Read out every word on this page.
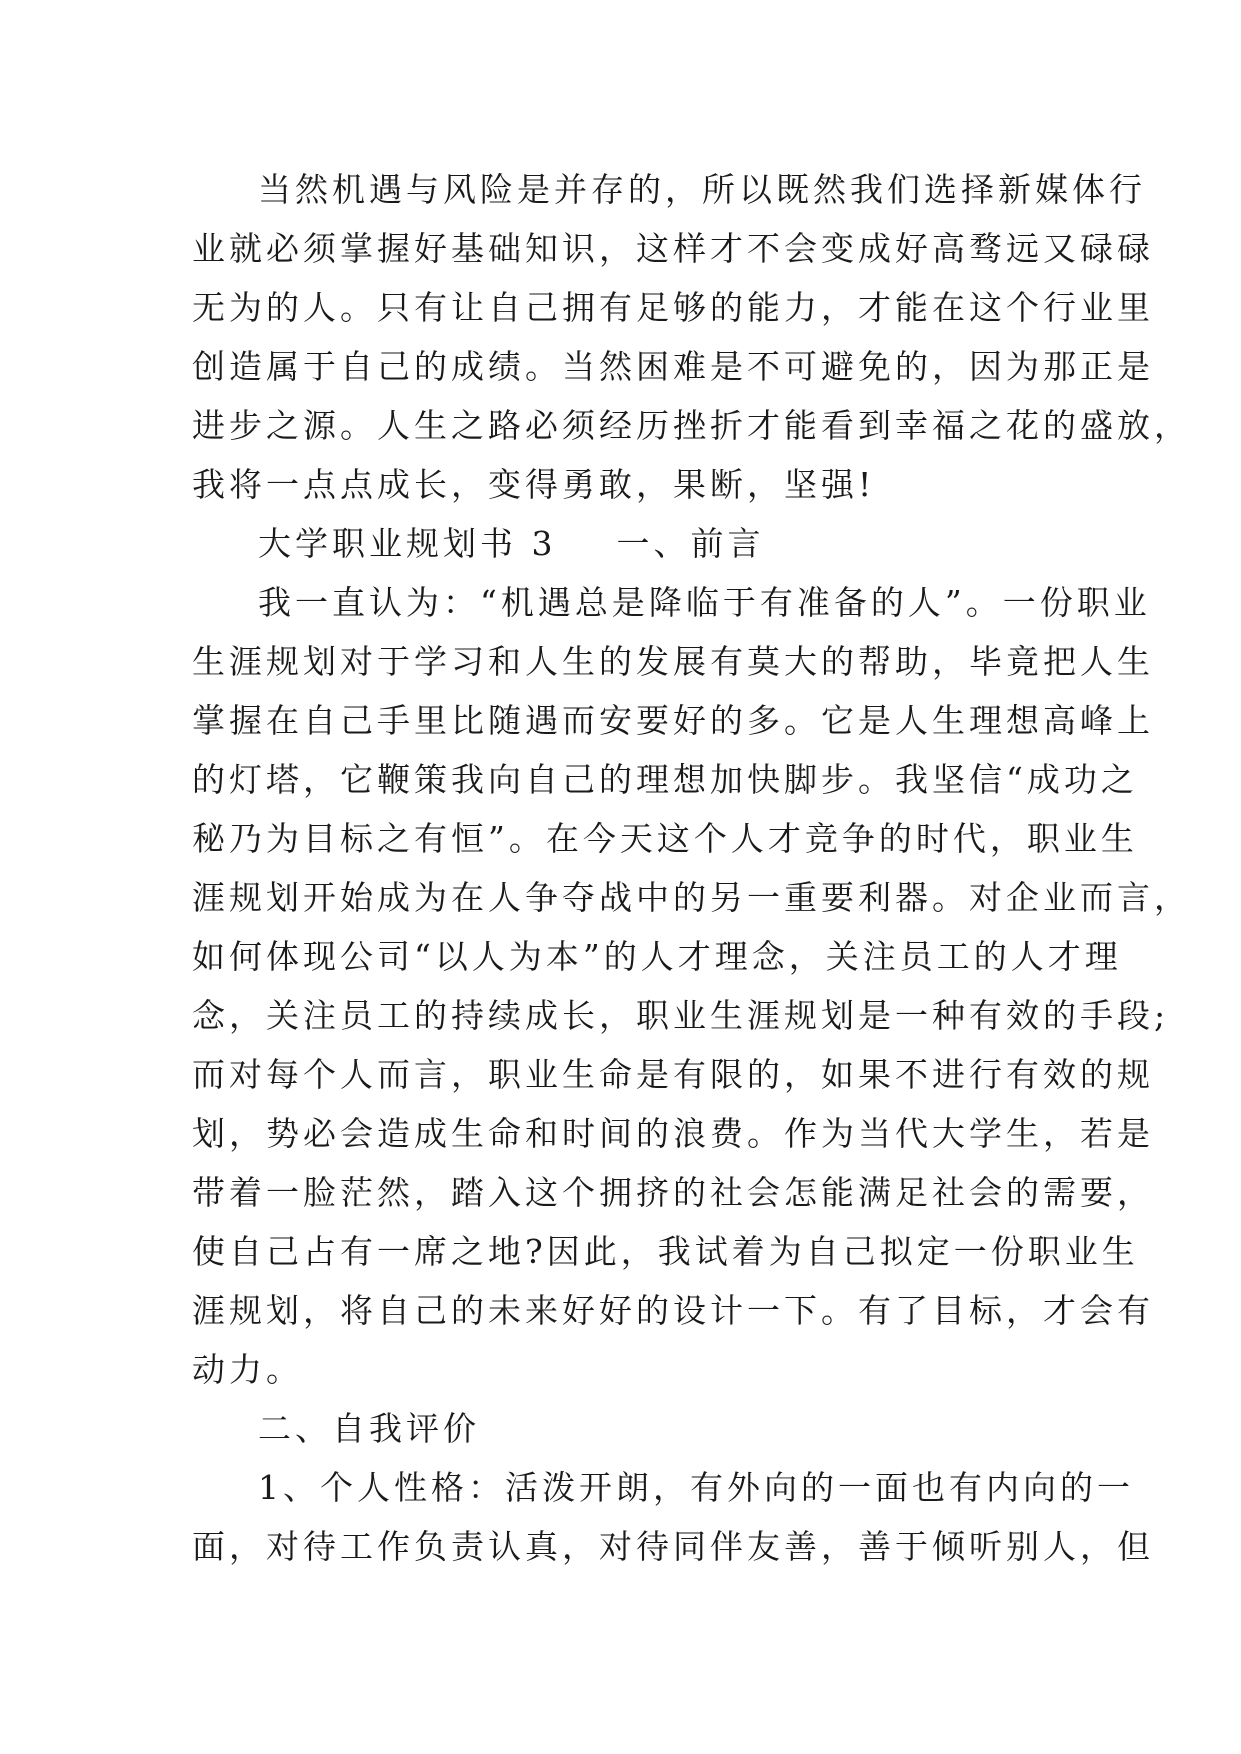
当然机遇与风险是并存的，所以既然我们选择新媒体行
业就必须掌握好基础知识，这样才不会变成好高骛远又碌碌
无为的人。只有让自己拥有足够的能力，才能在这个行业里
创造属于自己的成绩。当然困难是不可避免的，因为那正是
进步之源。人生之路必须经历挫折才能看到幸福之花的盛放，
我将一点点成长，变得勇敢，果断，坚强!

大学职业规划书 3 一、前言

我一直认为：“机遇总是降临于有准备的人”。一份职业
生涯规划对于学习和人生的发展有莫大的帮助，毕竟把人生
掌握在自己手里比随遇而安要好的多。它是人生理想高峰上
的灯塔，它鞭策我向自己的理想加快脚步。我坚信“成功之
秘乃为目标之有恒”。在今天这个人才竞争的时代，职业生
涯规划开始成为在人争夺战中的另一重要利器。对企业而言，
如何体现公司“以人为本”的人才理念，关注员工的人才理
念，关注员工的持续成长，职业生涯规划是一种有效的手段;
而对每个人而言，职业生命是有限的，如果不进行有效的规
划，势必会造成生命和时间的浪费。作为当代大学生，若是
带着一脸茫然，踏入这个拥挤的社会怎能满足社会的需要，
使自己占有一席之地?因此，我试着为自己拟定一份职业生
涯规划，将自己的未来好好的设计一下。有了目标，才会有
动力。

二、自我评价

1、个人性格：活泼开朗，有外向的一面也有内向的一
面，对待工作负责认真，对待同伴友善，善于倾听别人，但
